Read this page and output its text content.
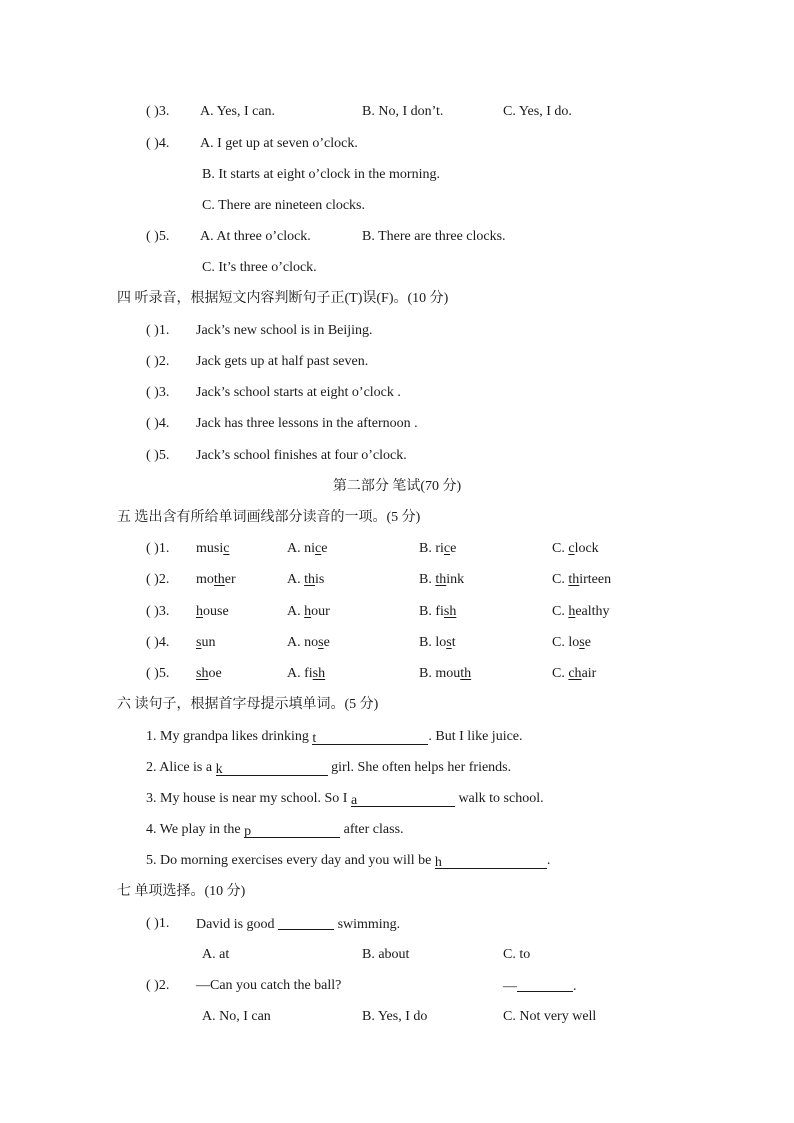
( )3. A. Yes, I can.	B. No, I don’t.	C. Yes, I do.
( )4. A. I get up at seven o’clock.
B. It starts at eight o’clock in the morning.
C. There are nineteen clocks.
( )5. A. At three o’clock.	B. There are three clocks.
C. It’s three o’clock.
四 听录音，根据短文内容判断句子正(T)误(F)。(10 分)
( )1. Jack’s new school is in Beijing.
( )2. Jack gets up at half past seven.
( )3. Jack’s school starts at eight o’clock .
( )4. Jack has three lessons in the afternoon .
( )5. Jack’s school finishes at four o’clock.
第二部分 笔试(70 分)
五 选出含有所给单词画线部分读音的一项。(5 分)
( )1. music	A. nice	B. rice	C. clock
( )2. mother	A. this	B. think	C. thirteen
( )3. house	A. hour	B. fish	C. healthy
( )4. sun	A. nose	B. lost	C. lose
( )5. shoe	A. fish	B. mouth	C. chair
六 读句子，根据首字母提示填单词。(5 分)
1. My grandpa likes drinking t	. But I like juice.
2. Alice is a k	girl. She often helps her friends.
3. My house is near my school. So I a	walk to school.
4. We play in the p	after class.
5. Do morning exercises every day and you will be h	.
七 单项选择。(10 分)
( )1. David is good	swimming.
A. at	B. about	C. to
( )2. —Can you catch the ball?	—	.
A. No, I can	B. Yes, I do	C. Not very well
